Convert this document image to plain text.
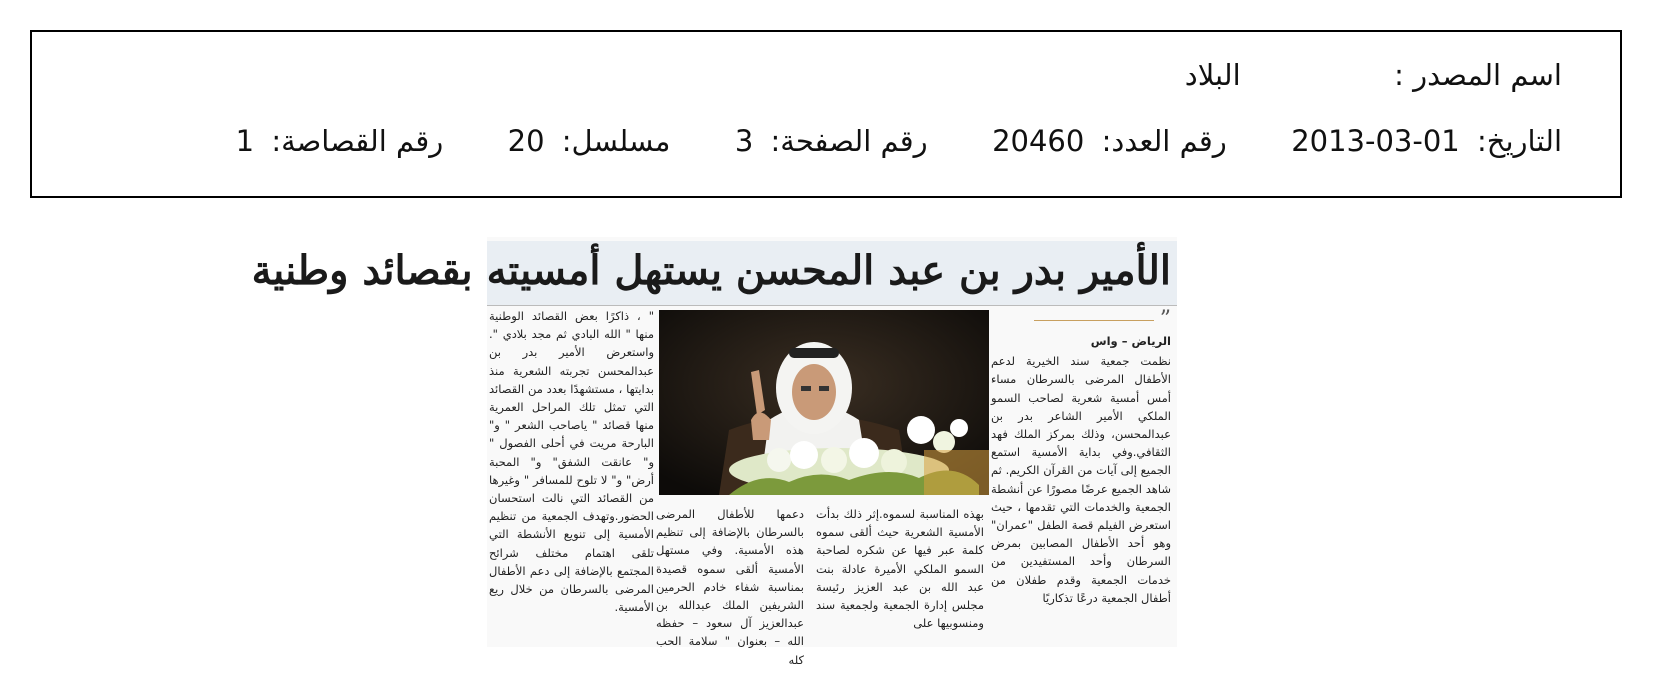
اسم المصدر :  البلاد
التاريخ: 2013-03-01  رقم العدد: 20460  رقم الصفحة: 3  مسلسل: 20  رقم القصاصة: 1
الأمير بدر بن عبد المحسن يستهل أمسيته بقصائد وطنية
”
الرياض – واس
نظمت جمعية سند الخيرية لدعم الأطفال المرضى بالسرطان مساء أمس أمسية شعرية لصاحب السمو الملكي الأمير الشاعر بدر بن عبدالمحسن، وذلك بمركز الملك فهد الثقافي.وفي بداية الأمسية استمع الجميع إلى آيات من القرآن الكريم. ثم شاهد الجميع عرضًا مصورًا عن أنشطة الجمعية والخدمات التي تقدمها ، حيث استعرض الفيلم قصة الطفل "عمران" وهو أحد الأطفال المصابين بمرض السرطان وأحد المستفيدين من خدمات الجمعية وقدم طفلان من أطفال الجمعية درعًا تذكاريًا
بهذه المناسبة لسموه.إثر ذلك بدأت الأمسية الشعرية حيث ألقى سموه كلمة عبر فيها عن شكره لصاحبة السمو الملكي الأميرة عادلة بنت عبد الله بن عبد العزيز رئيسة مجلس إدارة الجمعية ولجمعية سند ومنسوبيها على
دعمها للأطفال المرضى بالسرطان بالإضافة إلى تنظيم هذه الأمسية. وفي مستهل الأمسية ألقى سموه قصيدة بمناسبة شفاء خادم الحرمين الشريفين الملك عبدالله بن عبدالعزيز آل سعود – حفظه الله – بعنوان " سلامة الحب كله
" ، ذاكرًا بعض القصائد الوطنية منها " الله البادي ثم مجد بلادي ". واستعرض الأمير بدر بن عبدالمحسن تجربته الشعرية منذ بدايتها ، مستشهدًا بعدد من القصائد التي تمثل تلك المراحل العمرية منها قصائد " ياصاحب الشعر " و" البارحة مريت في أحلى الفصول " و" عانقت الشفق" و" المحبة أرض" و" لا تلوح للمسافر " وغيرها من القصائد التي نالت استحسان الحضور.وتهدف الجمعية من تنظيم الأمسية إلى تنويع الأنشطة التي تلقى اهتمام مختلف شرائح المجتمع بالإضافة إلى دعم الأطفال المرضى بالسرطان من خلال ريع الأمسية.
